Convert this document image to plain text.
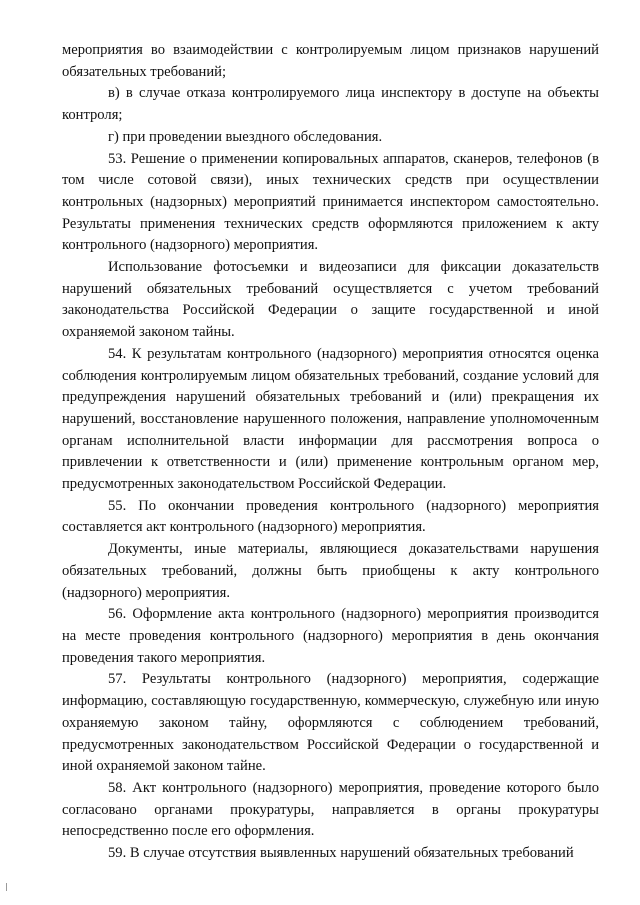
мероприятия во взаимодействии с контролируемым лицом признаков нарушений обязательных требований;

в) в случае отказа контролируемого лица инспектору в доступе на объекты контроля;

г) при проведении выездного обследования.

53. Решение о применении копировальных аппаратов, сканеров, телефонов (в том числе сотовой связи), иных технических средств при осуществлении контрольных (надзорных) мероприятий принимается инспектором самостоятельно. Результаты применения технических средств оформляются приложением к акту контрольного (надзорного) мероприятия.

Использование фотосъемки и видеозаписи для фиксации доказательств нарушений обязательных требований осуществляется с учетом требований законодательства Российской Федерации о защите государственной и иной охраняемой законом тайны.

54. К результатам контрольного (надзорного) мероприятия относятся оценка соблюдения контролируемым лицом обязательных требований, создание условий для предупреждения нарушений обязательных требований и (или) прекращения их нарушений, восстановление нарушенного положения, направление уполномоченным органам исполнительной власти информации для рассмотрения вопроса о привлечении к ответственности и (или) применение контрольным органом мер, предусмотренных законодательством Российской Федерации.

55. По окончании проведения контрольного (надзорного) мероприятия составляется акт контрольного (надзорного) мероприятия.

Документы, иные материалы, являющиеся доказательствами нарушения обязательных требований, должны быть приобщены к акту контрольного (надзорного) мероприятия.

56. Оформление акта контрольного (надзорного) мероприятия производится на месте проведения контрольного (надзорного) мероприятия в день окончания проведения такого мероприятия.

57. Результаты контрольного (надзорного) мероприятия, содержащие информацию, составляющую государственную, коммерческую, служебную или иную охраняемую законом тайну, оформляются с соблюдением требований, предусмотренных законодательством Российской Федерации о государственной и иной охраняемой законом тайне.

58. Акт контрольного (надзорного) мероприятия, проведение которого было согласовано органами прокуратуры, направляется в органы прокуратуры непосредственно после его оформления.

59. В случае отсутствия выявленных нарушений обязательных требований
